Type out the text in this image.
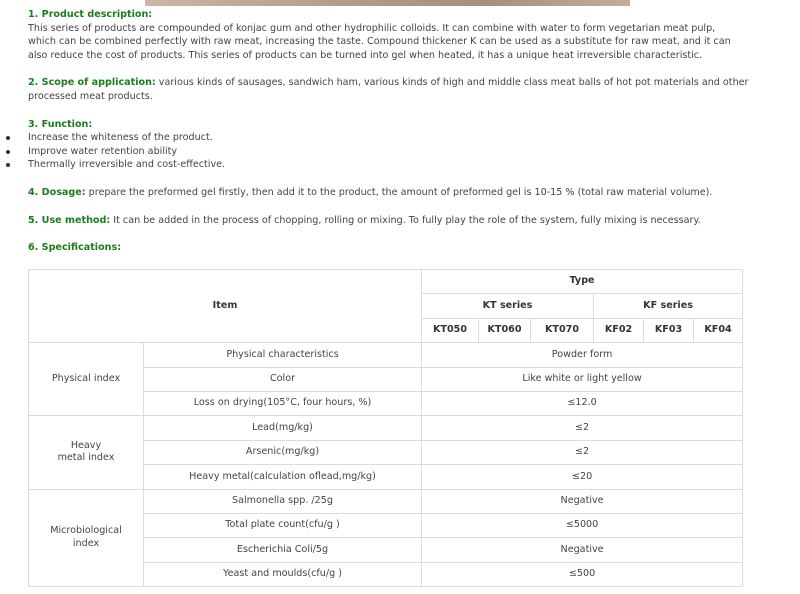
1. Product description:

This series of products are compounded of konjac gum and other hydrophilic colloids. It can combine with water to form vegetarian meat pulp,
which can be combined perfectly with raw meat, increasing the taste. Compound thickener K can be used as a substitute for raw meat, and it can
also reduce the cost of products. This series of products can be turned into gel when heated, it has a unique heat irreversible characteristic.

2. Scope of application: various kinds of sausages, sandwich ham, various kinds of high and middle class meat balls of hot pot materials and other
processed meat products.

3. Function:

Increase the whiteness of the product.
Improve water retention ability
Thermally irreversible and cost-effective.

4. Dosage: prepare the preformed gel firstly, then add it to the product, the amount of preformed gel is 10-15 % (total raw material volume).

5. Use method: It can be added in the process of chopping, rolling or mixing. To fully play the role of the system, fully mixing is necessary.

6. Specifications:

Item		Type					
		KT series			KF series		
		KT050	KT060	KT070	KF02	KF03	KF04
Physical index	Physical characteristics	Powder form					
	Color	Like white or light yellow					
	Loss on drying(105°C, four hours, %)	≤12.0					
Heavy
metal index	Lead(mg/kg)	≤2					
	Arsenic(mg/kg)	≤2					
	Heavy metal(calculation oflead,mg/kg)	≤20					
Microbiological
index	Salmonella spp. /25g	Negative					
	Total plate count(cfu/g )	≤5000					
	Escherichia Coli/5g	Negative					
	Yeast and moulds(cfu/g )	≤500					
